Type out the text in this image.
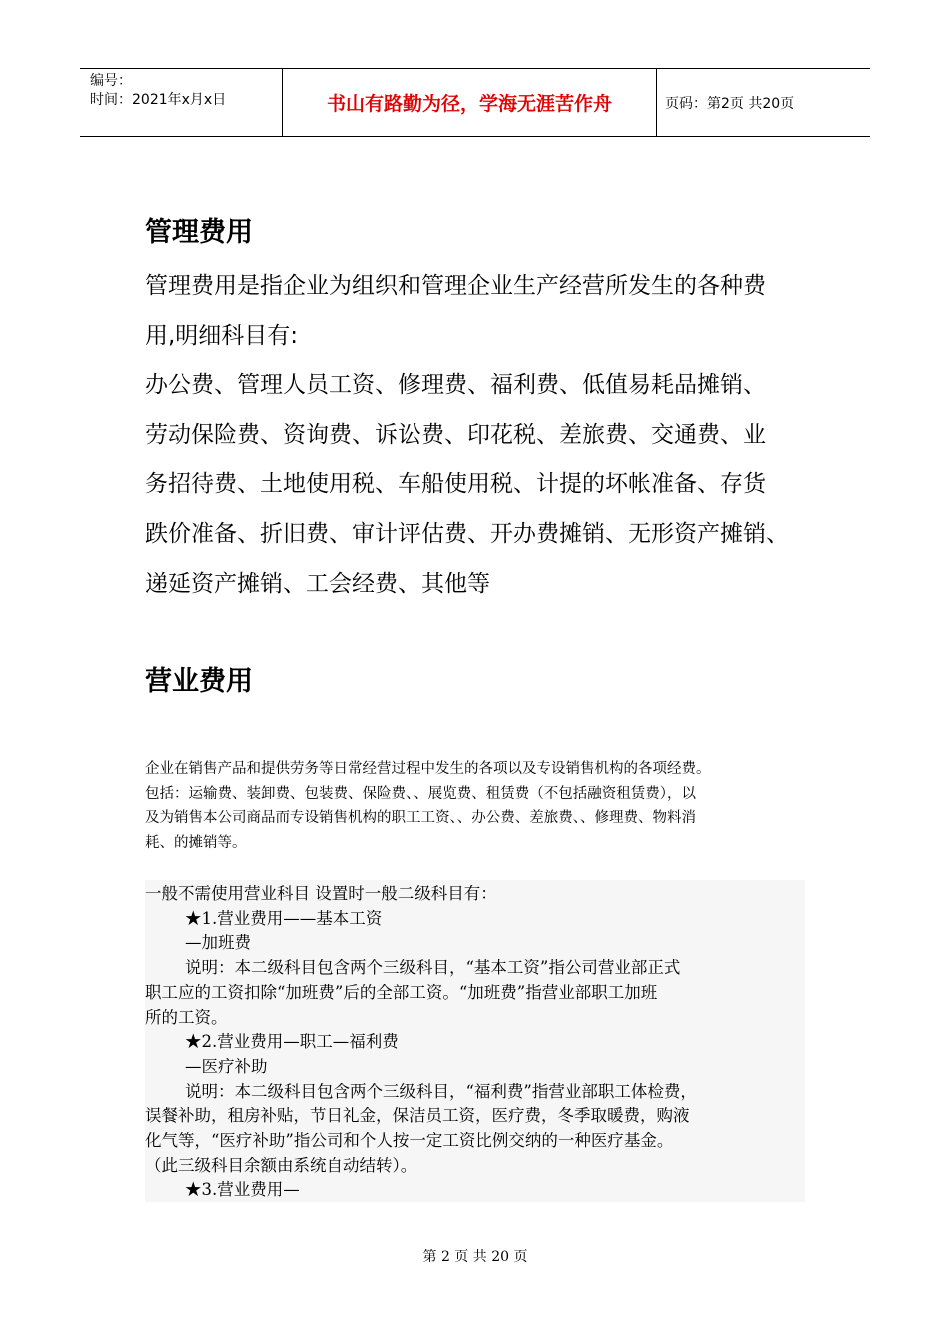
编号：
时间：2021年x月x日	书山有路勤为径，学海无涯苦作舟	页码：第2页 共20页
管理费用
管理费用是指企业为组织和管理企业生产经营所发生的各种费
用,明细科目有:
办公费、管理人员工资、修理费、福利费、低值易耗品摊销、
劳动保险费、资询费、诉讼费、印花税、差旅费、交通费、业
务招待费、土地使用税、车船使用税、计提的坏帐准备、存货
跌价准备、折旧费、审计评估费、开办费摊销、无形资产摊销、
递延资产摊销、工会经费、其他等
营业费用
企业在销售产品和提供劳务等日常经营过程中发生的各项以及专设销售机构的各项经费。
包括：运输费、装卸费、包装费、保险费、、展览费、租赁费（不包括融资租赁费），以
及为销售本公司商品而专设销售机构的职工工资、、办公费、差旅费、、修理费、物料消
耗、的摊销等。
一般不需使用营业科目 设置时一般二级科目有：
★1.营业费用——基本工资
—加班费
说明：本二级科目包含两个三级科目，“基本工资”指公司营业部正式
职工应的工资扣除“加班费”后的全部工资。“加班费”指营业部职工加班
所的工资。
★2.营业费用—职工—福利费
—医疗补助
说明：本二级科目包含两个三级科目，“福利费”指营业部职工体检费，
误餐补助，租房补贴，节日礼金，保洁员工资，医疗费，冬季取暖费，购液
化气等，“医疗补助”指公司和个人按一定工资比例交纳的一种医疗基金。
（此三级科目余额由系统自动结转）。
★3.营业费用—
第 2 页 共 20 页
